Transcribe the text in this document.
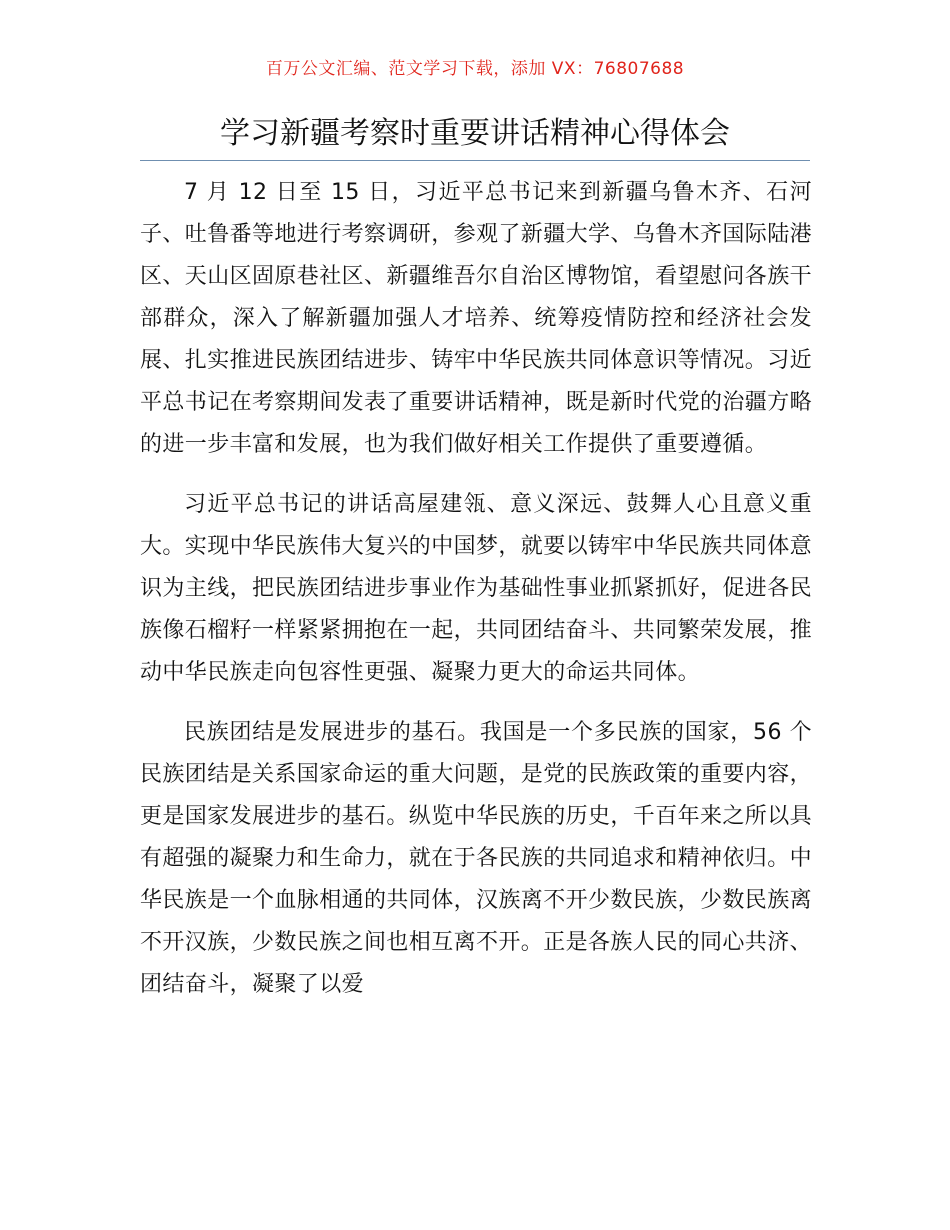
百万公文汇编、范文学习下载，添加 VX：76807688
学习新疆考察时重要讲话精神心得体会

7 月 12 日至 15 日，习近平总书记来到新疆乌鲁木齐、石河子、吐鲁番等地进行考察调研，参观了新疆大学、乌鲁木齐国际陆港区、天山区固原巷社区、新疆维吾尔自治区博物馆，看望慰问各族干部群众，深入了解新疆加强人才培养、统筹疫情防控和经济社会发展、扎实推进民族团结进步、铸牢中华民族共同体意识等情况。习近平总书记在考察期间发表了重要讲话精神，既是新时代党的治疆方略的进一步丰富和发展，也为我们做好相关工作提供了重要遵循。

习近平总书记的讲话高屋建瓴、意义深远、鼓舞人心且意义重大。实现中华民族伟大复兴的中国梦，就要以铸牢中华民族共同体意识为主线，把民族团结进步事业作为基础性事业抓紧抓好，促进各民族像石榴籽一样紧紧拥抱在一起，共同团结奋斗、共同繁荣发展，推动中华民族走向包容性更强、凝聚力更大的命运共同体。

民族团结是发展进步的基石。我国是一个多民族的国家，56 个民族团结是关系国家命运的重大问题，是党的民族政策的重要内容，更是国家发展进步的基石。纵览中华民族的历史，千百年来之所以具有超强的凝聚力和生命力，就在于各民族的共同追求和精神依归。中华民族是一个血脉相通的共同体，汉族离不开少数民族，少数民族离不开汉族，少数民族之间也相互离不开。正是各族人民的同心共济、团结奋斗，凝聚了以爱
